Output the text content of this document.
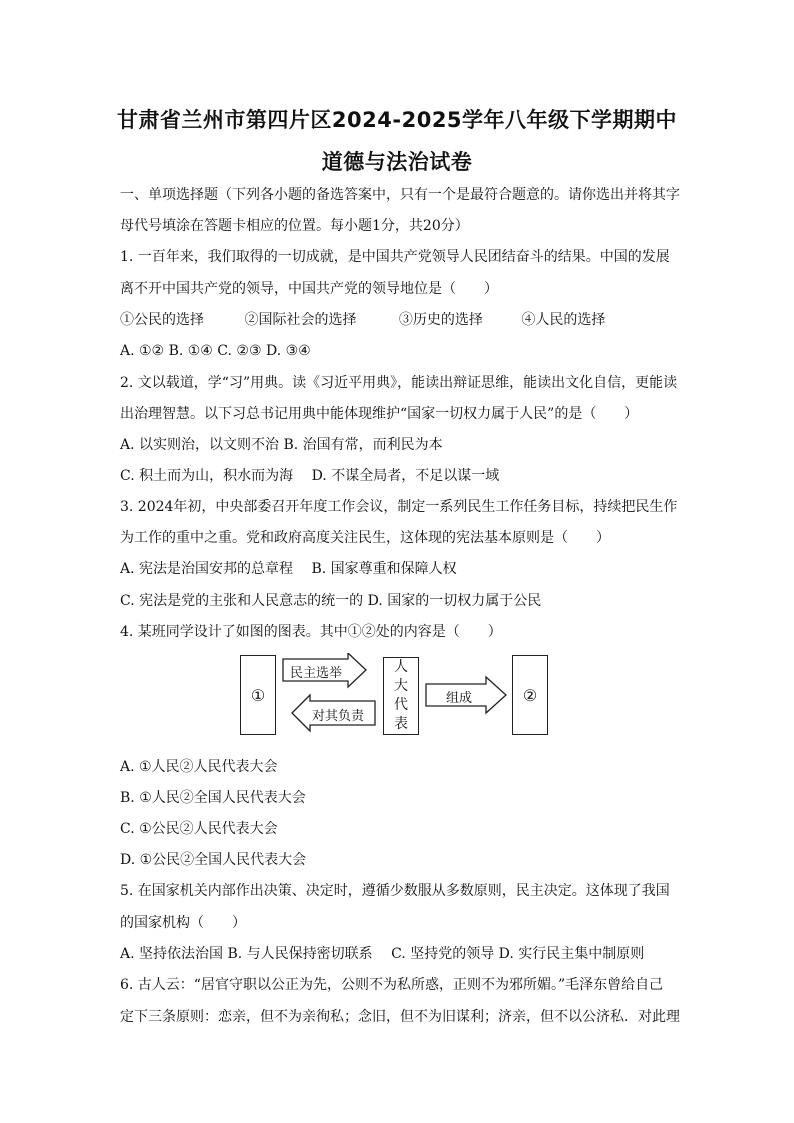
甘肃省兰州市第四片区2024-2025学年八年级下学期期中
道德与法治试卷
一、单项选择题（下列各小题的备选答案中，只有一个是最符合题意的。请你选出并将其字
母代号填涂在答题卡相应的位置。每小题1分，共20分）
1. 一百年来，我们取得的一切成就，是中国共产党领导人民团结奋斗的结果。中国的发展
离不开中国共产党的领导，中国共产党的领导地位是（　　）
①公民的选择	②国际社会的选择	③历史的选择	④人民的选择
A. ①② B. ①④ C. ②③ D. ③④
2. 文以载道，学“习”用典。读《习近平用典》，能读出辩证思维，能读出文化自信，更能读
出治理智慧。以下习总书记用典中能体现维护“国家一切权力属于人民”的是（　　）
A. 以实则治，以文则不治 B. 治国有常，而利民为本
C. 积土而为山，积水而为海　 D. 不谋全局者，不足以谋一域
3. 2024年初，中央部委召开年度工作会议，制定一系列民生工作任务目标，持续把民生作
为工作的重中之重。党和政府高度关注民生，这体现的宪法基本原则是（　　）
A. 宪法是治国安邦的总章程　 B. 国家尊重和保障人权
C. 宪法是党的主张和人民意志的统一的 D. 国家的一切权力属于公民
4. 某班同学设计了如图的图表。其中①②处的内容是（　　）
①
民主选举
对其负责
人
大
代
表
组成	②
A. ①人民②人民代表大会
B. ①人民②全国人民代表大会
C. ①公民②人民代表大会
D. ①公民②全国人民代表大会
5. 在国家机关内部作出决策、决定时，遵循少数服从多数原则，民主决定。这体现了我国
的国家机构（　　）
A. 坚持依法治国 B. 与人民保持密切联系　 C. 坚持党的领导 D. 实行民主集中制原则
6. 古人云：“居官守职以公正为先，公则不为私所惑，正则不为邪所媚。”毛泽东曾给自己
定下三条原则：恋亲，但不为亲徇私；念旧，但不为旧谋利；济亲，但不以公济私．对此理
